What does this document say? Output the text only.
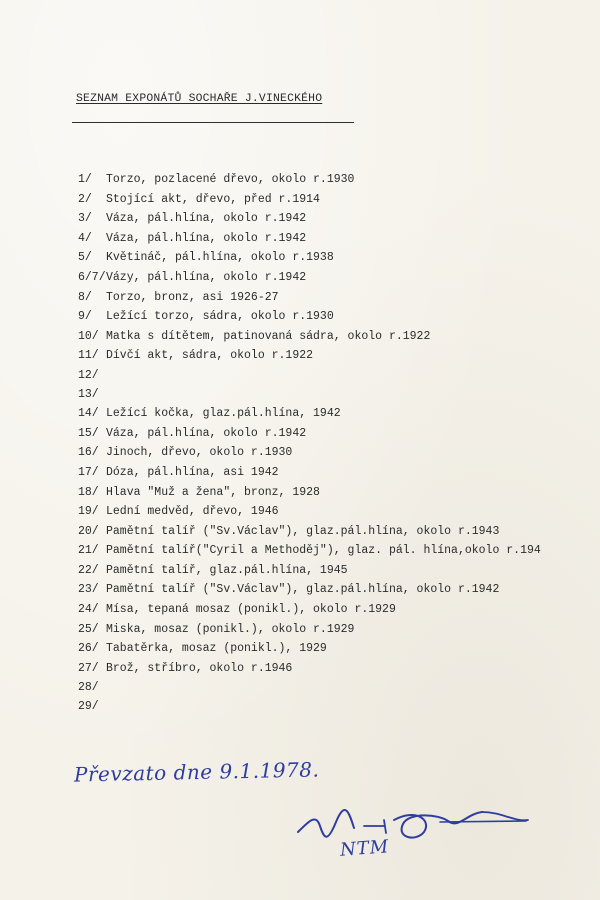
SEZNAM EXPONÁTŮ SOCHAŘE J.VINECKÉHO
1/	Torzo, pozlacené dřevo, okolo r.1930
2/	Stojící akt, dřevo, před r.1914
3/	Váza, pál.hlína, okolo r.1942
4/	Váza, pál.hlína, okolo r.1942
5/	Květináč, pál.hlína, okolo r.1938
6/7/ Vázy, pál.hlína, okolo r.1942
8/	Torzo, bronz, asi 1926-27
9/	Ležící torzo, sádra, okolo r.1930
10/ Matka s dítětem, patinovaná sádra, okolo r.1922
11/ Dívčí akt, sádra, okolo r.1922
12/
13/
14/ Ležící kočka, glaz.pál.hlína, 1942
15/ Váza, pál.hlína, okolo r.1942
16/ Jinoch, dřevo, okolo r.1930
17/ Dóza, pál.hlína, asi 1942
18/ Hlava "Muž a žena", bronz, 1928
19/ Lední medvěd, dřevo, 1946
20/ Pamětní talíř ("Sv.Václav"), glaz.pál.hlína, okolo r.1943
21/ Pamětní talíř("Cyril a Methoděj"), glaz. pál. hlína,okolo r.194
22/ Pamětní talíř, glaz.pál.hlína, 1945
23/ Pamětní talíř ("Sv.Václav"), glaz.pál.hlína, okolo r.1942
24/ Mísa, tepaná mosaz (ponikl.), okolo r.1929
25/ Miska, mosaz (ponikl.), okolo r.1929
26/ Tabatěrka, mosaz (ponikl.), 1929
27/ Brož, stříbro, okolo r.1946
28/
29/
Převzato dne 9.1.1978.
NTM
